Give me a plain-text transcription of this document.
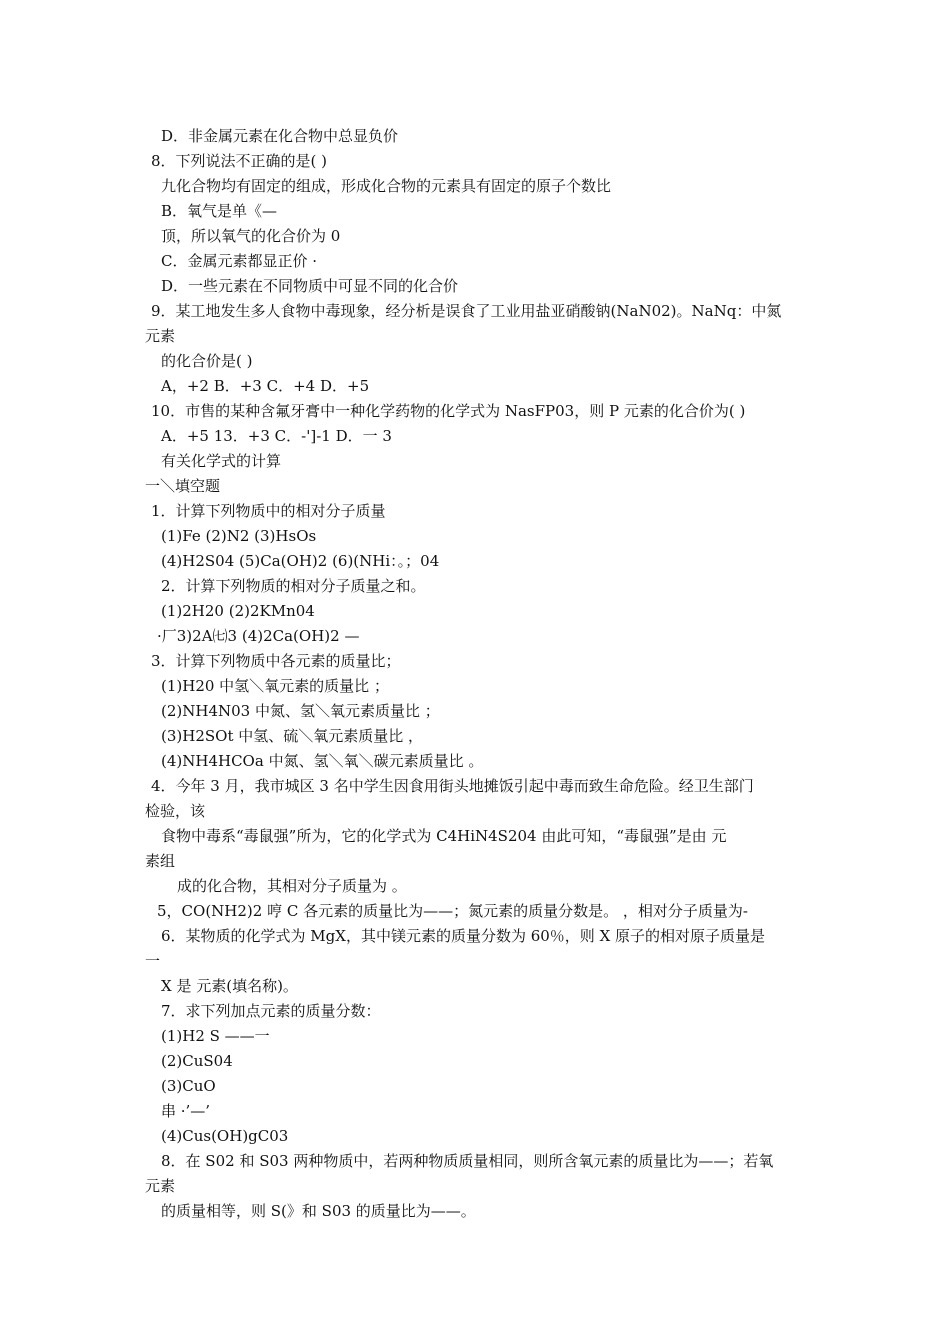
D．非金属元素在化合物中总显负价
8．下列说法不正确的是( )
九化合物均有固定的组成，形成化合物的元素具有固定的原子个数比
B．氧气是单《—
顶，所以氧气的化合价为 0
C．金属元素都显正价 ·
D．一些元素在不同物质中可显不同的化合价
9．某工地发生多人食物中毒现象，经分析是误食了工业用盐亚硝酸钠(NaN02)。NaNq：中氮
元素
的化合价是( )
A，+2 B．+3 C．+4 D．+5
10．市售的某种含氟牙膏中一种化学药物的化学式为 NasFP03，则 P 元素的化合价为( )
A．+5 13．+3 C．-']-1 D．一 3
有关化学式的计算
一＼填空题
1．计算下列物质中的相对分子质量
(1)Fe (2)N2 (3)HsOs
(4)H2S04 (5)Ca(OH)2 (6)(NHi：。；04
2．计算下列物质的相对分子质量之和。
(1)2H20 (2)2KMn04
·厂3)2A㈦3 (4)2Ca(OH)2 —
3．计算下列物质中各元素的质量比；
(1)H20 中氢＼氧元素的质量比 ；
(2)NH4N03 中氮、氢＼氧元素质量比 ；
(3)H2SOt 中氢、硫＼氧元素质量比 ，
(4)NH4HCOa 中氮、氢＼氧＼碳元素质量比 。
4．今年 3 月，我市城区 3 名中学生因食用街头地摊饭引起中毒而致生命危险。经卫生部门
检验，该
食物中毒系“毒鼠强”所为，它的化学式为 C4HiN4S204 由此可知，“毒鼠强”是由 元
素组
成的化合物，其相对分子质量为 。
5，CO(NH2)2 哼 C 各元素的质量比为——；氮元素的质量分数是。 ，相对分子质量为-
6．某物质的化学式为 MgX，其中镁元素的质量分数为 60％，则 X 原子的相对原子质量是
一
X 是 元素(填名称)。
7．求下列加点元素的质量分数：
(1)H2 S ——一
(2)CuS04
(3)CuO
串 ·’—’
(4)Cus(OH)gC03
8．在 S02 和 S03 两种物质中，若两种物质质量相同，则所含氧元素的质量比为——；若氧
元素
的质量相等，则 S(》和 S03 的质量比为——。
